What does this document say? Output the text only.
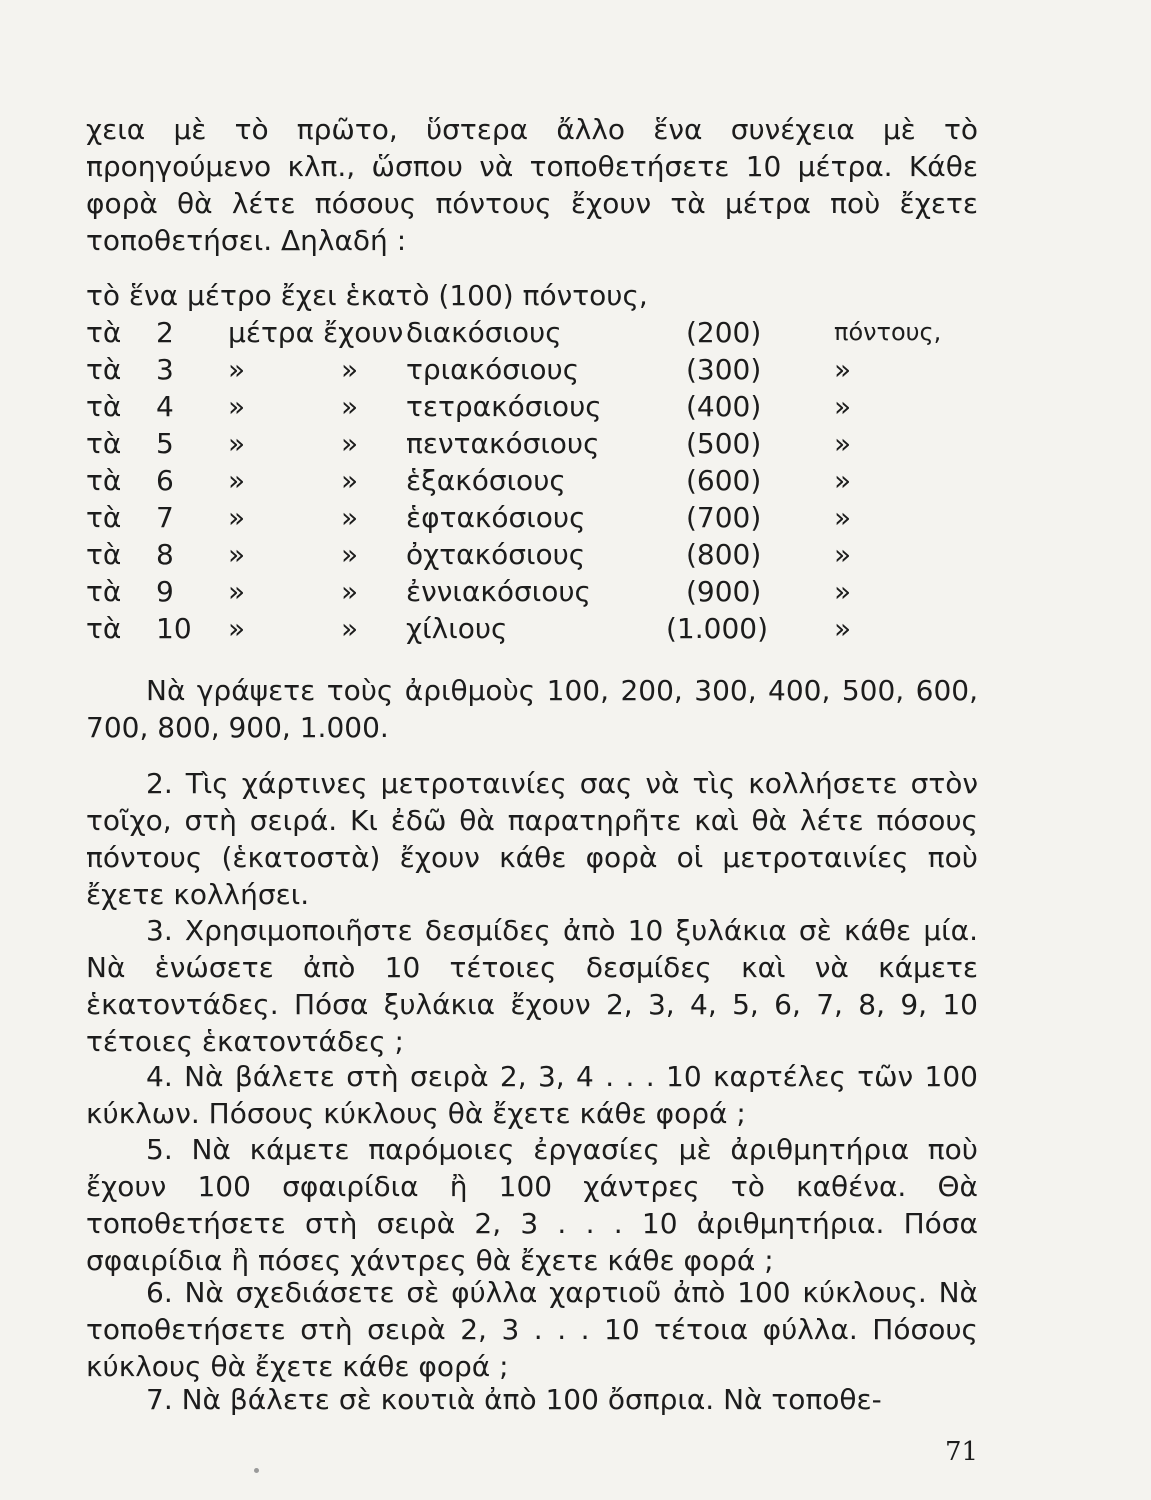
χεια μὲ τὸ πρῶτο, ὕστερα ἄλλο ἕνα συνέχεια μὲ τὸ προηγούμενο κλπ., ὥσπου νὰ τοποθετήσετε 10 μέτρα. Κάθε φορὰ θὰ λέτε πόσους πόντους ἔχουν τὰ μέτρα ποὺ ἔχετε τοποθετήσει. Δηλαδή :

τὸ ἕνα μέτρο ἔχει ἑκατὸ (100) πόντους,
τὰ 2 μέτρα ἔχουν διακόσιους	(200)	πόντους,
τὰ 3 »	» τριακόσιους	(300)	»
τὰ 4 »	» τετρακόσιους	(400)	»
τὰ 5 »	» πεντακόσιους	(500)	»
τὰ 6 »	» ἑξακόσιους	(600)	»
τὰ 7 »	» ἑφτακόσιους	(700)	»
τὰ 8 »	» ὀχτακόσιους	(800)	»
τὰ 9 »	» ἐννιακόσιους	(900)	»
τὰ 10 »	» χίλιους	(1.000) »

Νὰ γράψετε τοὺς ἀριθμοὺς 100, 200, 300, 400, 500, 600, 700, 800, 900, 1.000.

2. Τὶς χάρτινες μετροταινίες σας νὰ τὶς κολλήσετε στὸν τοῖχο, στὴ σειρά. Κι ἐδῶ θὰ παρατηρῆτε καὶ θὰ λέτε πόσους πόντους (ἑκατοστὰ) ἔχουν κάθε φορὰ οἱ μετροταινίες ποὺ ἔχετε κολλήσει.

3. Χρησιμοποιῆστε δεσμίδες ἀπὸ 10 ξυλάκια σὲ κάθε μία. Νὰ ἑνώσετε ἀπὸ 10 τέτοιες δεσμίδες καὶ νὰ κάμετε ἑκατοντάδες. Πόσα ξυλάκια ἔχουν 2, 3, 4, 5, 6, 7, 8, 9, 10 τέτοιες ἑκατοντάδες ;

4. Νὰ βάλετε στὴ σειρὰ 2, 3, 4 . . . 10 καρτέλες τῶν 100 κύκλων. Πόσους κύκλους θὰ ἔχετε κάθε φορά ;

5. Νὰ κάμετε παρόμοιες ἐργασίες μὲ ἀριθμητήρια ποὺ ἔχουν 100 σφαιρίδια ἢ 100 χάντρες τὸ καθένα. Θὰ τοποθετήσετε στὴ σειρὰ 2, 3 . . . 10 ἀριθμητήρια. Πόσα σφαιρίδια ἢ πόσες χάντρες θὰ ἔχετε κάθε φορά ;

6. Νὰ σχεδιάσετε σὲ φύλλα χαρτιοῦ ἀπὸ 100 κύκλους. Νὰ τοποθετήσετε στὴ σειρὰ 2, 3 . . . 10 τέτοια φύλλα. Πόσους κύκλους θὰ ἔχετε κάθε φορά ;

7. Νὰ βάλετε σὲ κουτιὰ ἀπὸ 100 ὄσπρια. Νὰ τοποθε-

71
